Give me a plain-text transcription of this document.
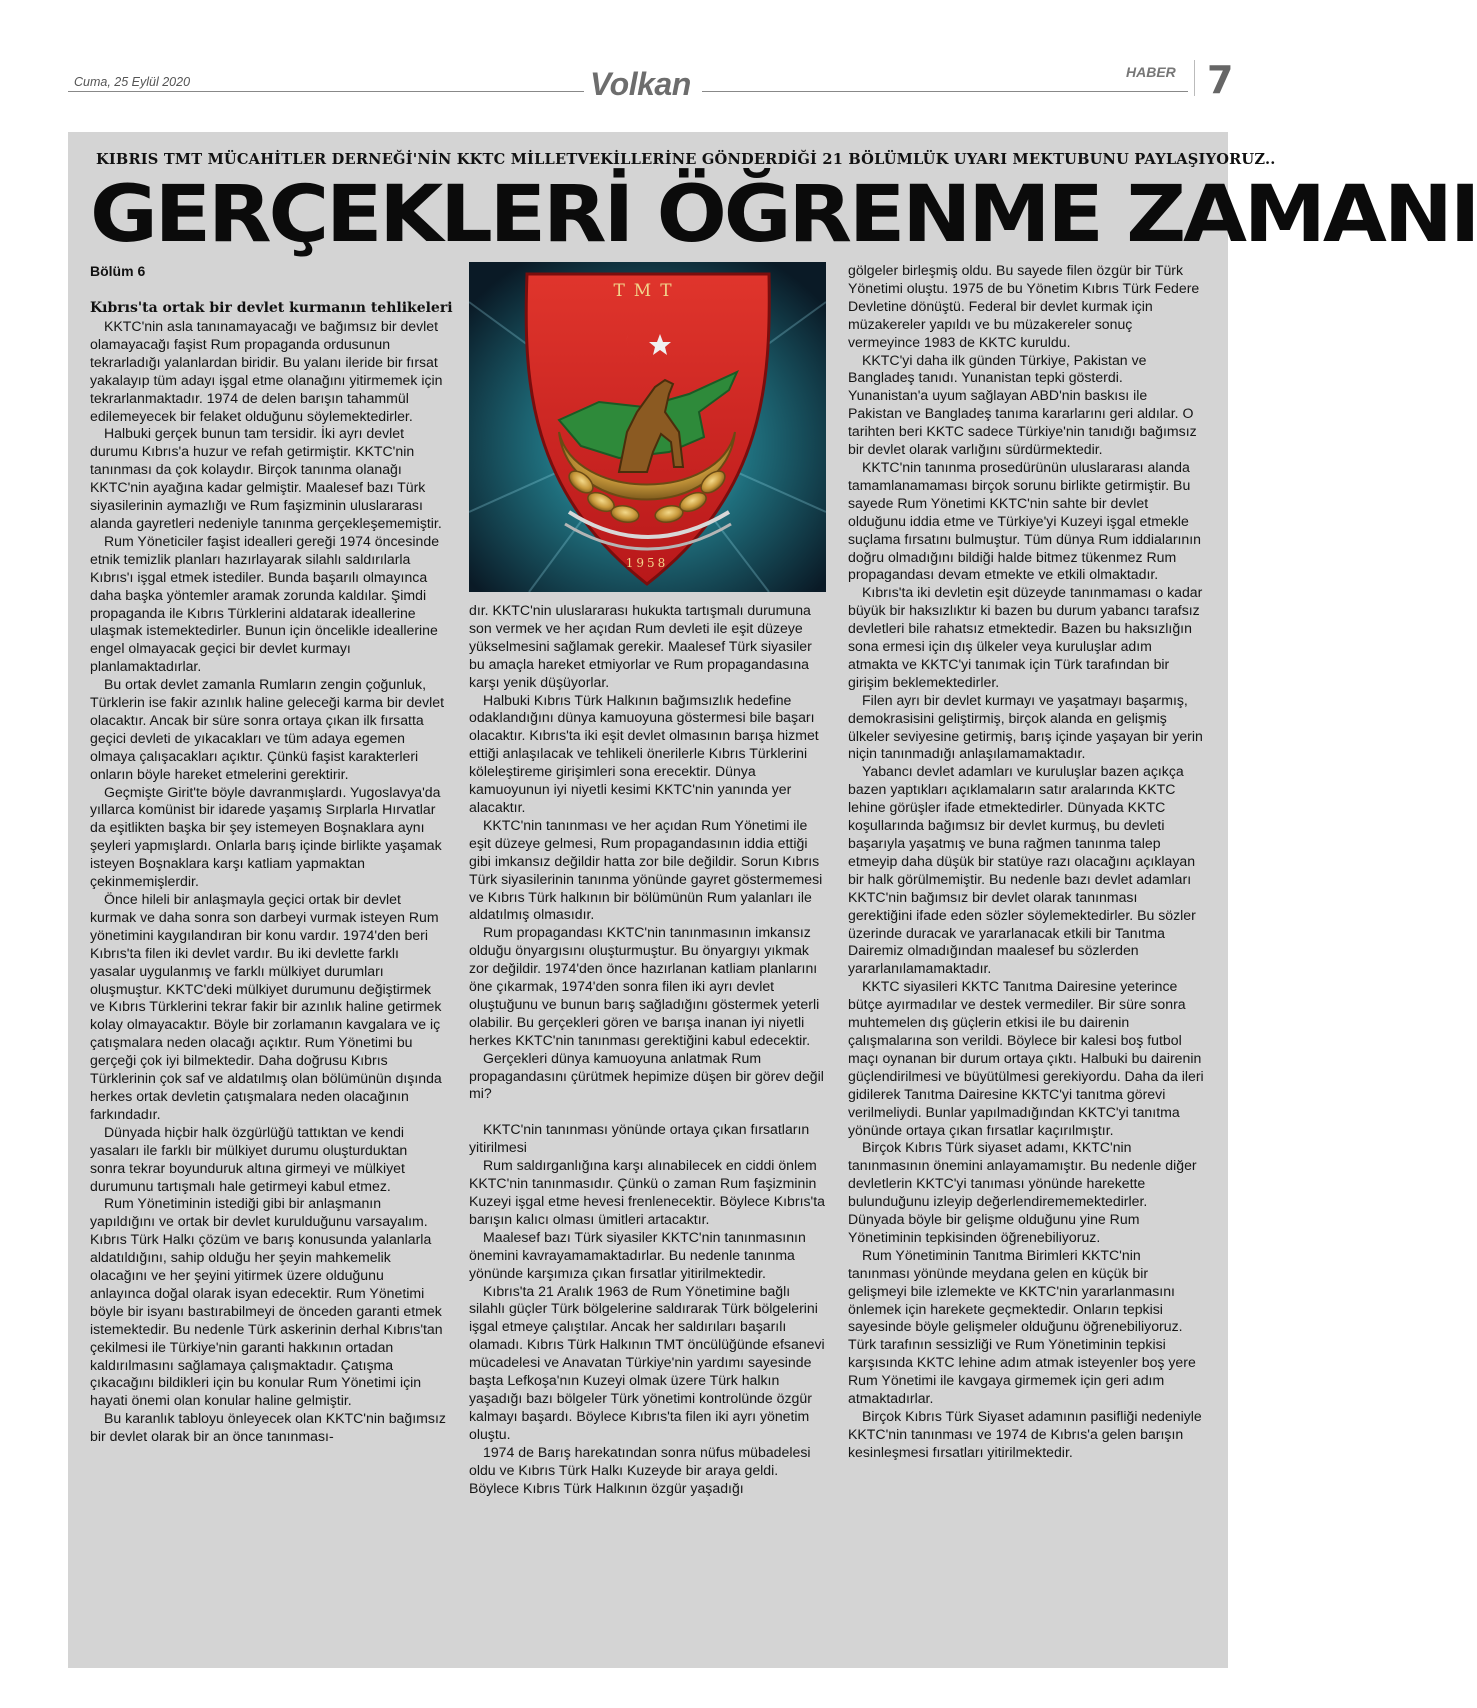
Cuma, 25 Eylül 2020	Volkan	HABER 7
KIBRIS TMT MÜCAHİTLER DERNEĞİ'NİN KKTC MİLLETVEKİLLERİNE GÖNDERDİĞİ 21 BÖLÜMLÜK UYARI MEKTUBUNU PAYLAŞIYORUZ..
GERÇEKLERİ ÖĞRENME ZAMANI
Bölüm 6
Kıbrıs'ta ortak bir devlet kurmanın tehlikeleri
TMT
1958

KKTC'nin asla tanınamayacağı ve bağımsız bir devlet olamayacağı faşist Rum propaganda ordusunun tekrarladığı yalanlardan biridir. Bu yalanı ileride bir fırsat yakalayıp tüm adayı işgal etme olanağını yitirmemek için tekrarlanmaktadır. 1974 de delen barışın tahammül edilemeyecek bir felaket olduğunu söylemektedirler.

Halbuki gerçek bunun tam tersidir. İki ayrı devlet durumu Kıbrıs'a huzur ve refah getirmiştir. KKTC'nin tanınması da çok kolaydır. Birçok tanınma olanağı KKTC'nin ayağına kadar gelmiştir. Maalesef bazı Türk siyasilerinin aymazlığı ve Rum faşizminin uluslararası alanda gayretleri nedeniyle tanınma gerçekleşememiştir.

Rum Yöneticiler faşist idealleri gereği 1974 öncesinde etnik temizlik planları hazırlayarak silahlı saldırılarla Kıbrıs'ı işgal etmek istediler. Bunda başarılı olmayınca daha başka yöntemler aramak zorunda kaldılar. Şimdi propaganda ile Kıbrıs Türklerini aldatarak ideallerine ulaşmak istemektedirler. Bunun için öncelikle ideallerine engel olmayacak geçici bir devlet kurmayı planlamaktadırlar.

Bu ortak devlet zamanla Rumların zengin çoğunluk, Türklerin ise fakir azınlık haline geleceği karma bir devlet olacaktır. Ancak bir süre sonra ortaya çıkan ilk fırsatta geçici devleti de yıkacakları ve tüm adaya egemen olmaya çalışacakları açıktır. Çünkü faşist karakterleri onların böyle hareket etmelerini gerektirir.

Geçmişte Girit'te böyle davranmışlardı. Yugoslavya'da yıllarca komünist bir idarede yaşamış Sırplarla Hırvatlar da eşitlikten başka bir şey istemeyen Boşnaklara aynı şeyleri yapmışlardı. Onlarla barış içinde birlikte yaşamak isteyen Boşnaklara karşı katliam yapmaktan çekinmemişlerdir.

Önce hileli bir anlaşmayla geçici ortak bir devlet kurmak ve daha sonra son darbeyi vurmak isteyen Rum yönetimini kaygılandıran bir konu vardır. 1974'den beri Kıbrıs'ta filen iki devlet vardır. Bu iki devlette farklı yasalar uygulanmış ve farklı mülkiyet durumları oluşmuştur. KKTC'deki mülkiyet durumunu değiştirmek ve Kıbrıs Türklerini tekrar fakir bir azınlık haline getirmek kolay olmayacaktır. Böyle bir zorlamanın kavgalara ve iç çatışmalara neden olacağı açıktır. Rum Yönetimi bu gerçeği çok iyi bilmektedir. Daha doğrusu Kıbrıs Türklerinin çok saf ve aldatılmış olan bölümünün dışında herkes ortak devletin çatışmalara neden olacağının farkındadır.

Dünyada hiçbir halk özgürlüğü tattıktan ve kendi yasaları ile farklı bir mülkiyet durumu oluşturduktan sonra tekrar boyunduruk altına girmeyi ve mülkiyet durumunu tartışmalı hale getirmeyi kabul etmez.

Rum Yönetiminin istediği gibi bir anlaşmanın yapıldığını ve ortak bir devlet kurulduğunu varsayalım. Kıbrıs Türk Halkı çözüm ve barış konusunda yalanlarla aldatıldığını, sahip olduğu her şeyin mahkemelik olacağını ve her şeyini yitirmek üzere olduğunu anlayınca doğal olarak isyan edecektir. Rum Yönetimi böyle bir isyanı bastırabilmeyi de önceden garanti etmek istemektedir. Bu nedenle Türk askerinin derhal Kıbrıs'tan çekilmesi ile Türkiye'nin garanti hakkının ortadan kaldırılmasını sağlamaya çalışmaktadır. Çatışma çıkacağını bildikleri için bu konular Rum Yönetimi için hayati önemi olan konular haline gelmiştir.

Bu karanlık tabloyu önleyecek olan KKTC'nin bağımsız bir devlet olarak bir an önce tanınması-

dır. KKTC'nin uluslararası hukukta tartışmalı durumuna son vermek ve her açıdan Rum devleti ile eşit düzeye yükselmesini sağlamak gerekir. Maalesef Türk siyasiler bu amaçla hareket etmiyorlar ve Rum propagandasına karşı yenik düşüyorlar.

Halbuki Kıbrıs Türk Halkının bağımsızlık hedefine odaklandığını dünya kamuoyuna göstermesi bile başarı olacaktır. Kıbrıs'ta iki eşit devlet olmasının barışa hizmet ettiği anlaşılacak ve tehlikeli önerilerle Kıbrıs Türklerini köleleştireme girişimleri sona erecektir. Dünya kamuoyunun iyi niyetli kesimi KKTC'nin yanında yer alacaktır.

KKTC'nin tanınması ve her açıdan Rum Yönetimi ile eşit düzeye gelmesi, Rum propagandasının iddia ettiği gibi imkansız değildir hatta zor bile değildir. Sorun Kıbrıs Türk siyasilerinin tanınma yönünde gayret göstermemesi ve Kıbrıs Türk halkının bir bölümünün Rum yalanları ile aldatılmış olmasıdır.

Rum propagandası KKTC'nin tanınmasının imkansız olduğu önyargısını oluşturmuştur. Bu önyargıyı yıkmak zor değildir. 1974'den önce hazırlanan katliam planlarını öne çıkarmak, 1974'den sonra filen iki ayrı devlet oluştuğunu ve bunun barış sağladığını göstermek yeterli olabilir. Bu gerçekleri gören ve barışa inanan iyi niyetli herkes KKTC'nin tanınması gerektiğini kabul edecektir.

Gerçekleri dünya kamuoyuna anlatmak Rum propagandasını çürütmek hepimize düşen bir görev değil mi?

KKTC'nin tanınması yönünde ortaya çıkan fırsatların yitirilmesi

Rum saldırganlığına karşı alınabilecek en ciddi önlem KKTC'nin tanınmasıdır. Çünkü o zaman Rum faşizminin Kuzeyi işgal etme hevesi frenlenecektir. Böylece Kıbrıs'ta barışın kalıcı olması ümitleri artacaktır.

Maalesef bazı Türk siyasiler KKTC'nin tanınmasının önemini kavrayamamaktadırlar. Bu nedenle tanınma yönünde karşımıza çıkan fırsatlar yitirilmektedir.

Kıbrıs'ta 21 Aralık 1963 de Rum Yönetimine bağlı silahlı güçler Türk bölgelerine saldırarak Türk bölgelerini işgal etmeye çalıştılar. Ancak her saldırıları başarılı olamadı. Kıbrıs Türk Halkının TMT öncülüğünde efsanevi mücadelesi ve Anavatan Türkiye'nin yardımı sayesinde başta Lefkoşa'nın Kuzeyi olmak üzere Türk halkın yaşadığı bazı bölgeler Türk yönetimi kontrolünde özgür kalmayı başardı. Böylece Kıbrıs'ta filen iki ayrı yönetim oluştu.

1974 de Barış harekatından sonra nüfus mübadelesi oldu ve Kıbrıs Türk Halkı Kuzeyde bir araya geldi. Böylece Kıbrıs Türk Halkının özgür yaşadığı

gölgeler birleşmiş oldu. Bu sayede filen özgür bir Türk Yönetimi oluştu. 1975 de bu Yönetim Kıbrıs Türk Federe Devletine dönüştü. Federal bir devlet kurmak için müzakereler yapıldı ve bu müzakereler sonuç vermeyince 1983 de KKTC kuruldu.

KKTC'yi daha ilk günden Türkiye, Pakistan ve Bangladeş tanıdı. Yunanistan tepki gösterdi. Yunanistan'a uyum sağlayan ABD'nin baskısı ile Pakistan ve Bangladeş tanıma kararlarını geri aldılar. O tarihten beri KKTC sadece Türkiye'nin tanıdığı bağımsız bir devlet olarak varlığını sürdürmektedir.

KKTC'nin tanınma prosedürünün uluslararası alanda tamamlanamaması birçok sorunu birlikte getirmiştir. Bu sayede Rum Yönetimi KKTC'nin sahte bir devlet olduğunu iddia etme ve Türkiye'yi Kuzeyi işgal etmekle suçlama fırsatını bulmuştur. Tüm dünya Rum iddialarının doğru olmadığını bildiği halde bitmez tükenmez Rum propagandası devam etmekte ve etkili olmaktadır.

Kıbrıs'ta iki devletin eşit düzeyde tanınmaması o kadar büyük bir haksızlıktır ki bazen bu durum yabancı tarafsız devletleri bile rahatsız etmektedir. Bazen bu haksızlığın sona ermesi için dış ülkeler veya kuruluşlar adım atmakta ve KKTC'yi tanımak için Türk tarafından bir girişim beklemektedirler.

Filen ayrı bir devlet kurmayı ve yaşatmayı başarmış, demokrasisini geliştirmiş, birçok alanda en gelişmiş ülkeler seviyesine getirmiş, barış içinde yaşayan bir yerin niçin tanınmadığı anlaşılamamaktadır.

Yabancı devlet adamları ve kuruluşlar bazen açıkça bazen yaptıkları açıklamaların satır aralarında KKTC lehine görüşler ifade etmektedirler. Dünyada KKTC koşullarında bağımsız bir devlet kurmuş, bu devleti başarıyla yaşatmış ve buna rağmen tanınma talep etmeyip daha düşük bir statüye razı olacağını açıklayan bir halk görülmemiştir. Bu nedenle bazı devlet adamları KKTC'nin bağımsız bir devlet olarak tanınması gerektiğini ifade eden sözler söylemektedirler. Bu sözler üzerinde duracak ve yararlanacak etkili bir Tanıtma Dairemiz olmadığından maalesef bu sözlerden yararlanılamamaktadır.

KKTC siyasileri KKTC Tanıtma Dairesine yeterince bütçe ayırmadılar ve destek vermediler. Bir süre sonra muhtemelen dış güçlerin etkisi ile bu dairenin çalışmalarına son verildi. Böylece bir kalesi boş futbol maçı oynanan bir durum ortaya çıktı. Halbuki bu dairenin güçlendirilmesi ve büyütülmesi gerekiyordu. Daha da ileri gidilerek Tanıtma Dairesine KKTC'yi tanıtma görevi verilmeliydi. Bunlar yapılmadığından KKTC'yi tanıtma yönünde ortaya çıkan fırsatlar kaçırılmıştır.

Birçok Kıbrıs Türk siyaset adamı, KKTC'nin tanınmasının önemini anlayamamıştır. Bu nedenle diğer devletlerin KKTC'yi tanıması yönünde harekette bulunduğunu izleyip değerlendirememektedirler. Dünyada böyle bir gelişme olduğunu yine Rum Yönetiminin tepkisinden öğrenebiliyoruz.

Rum Yönetiminin Tanıtma Birimleri KKTC'nin tanınması yönünde meydana gelen en küçük bir gelişmeyi bile izlemekte ve KKTC'nin yararlanmasını önlemek için harekete geçmektedir. Onların tepkisi sayesinde böyle gelişmeler olduğunu öğrenebiliyoruz. Türk tarafının sessizliği ve Rum Yönetiminin tepkisi karşısında KKTC lehine adım atmak isteyenler boş yere Rum Yönetimi ile kavgaya girmemek için geri adım atmaktadırlar.

Birçok Kıbrıs Türk Siyaset adamının pasifliği nedeniyle KKTC'nin tanınması ve 1974 de Kıbrıs'a gelen barışın kesinleşmesi fırsatları yitirilmektedir.
